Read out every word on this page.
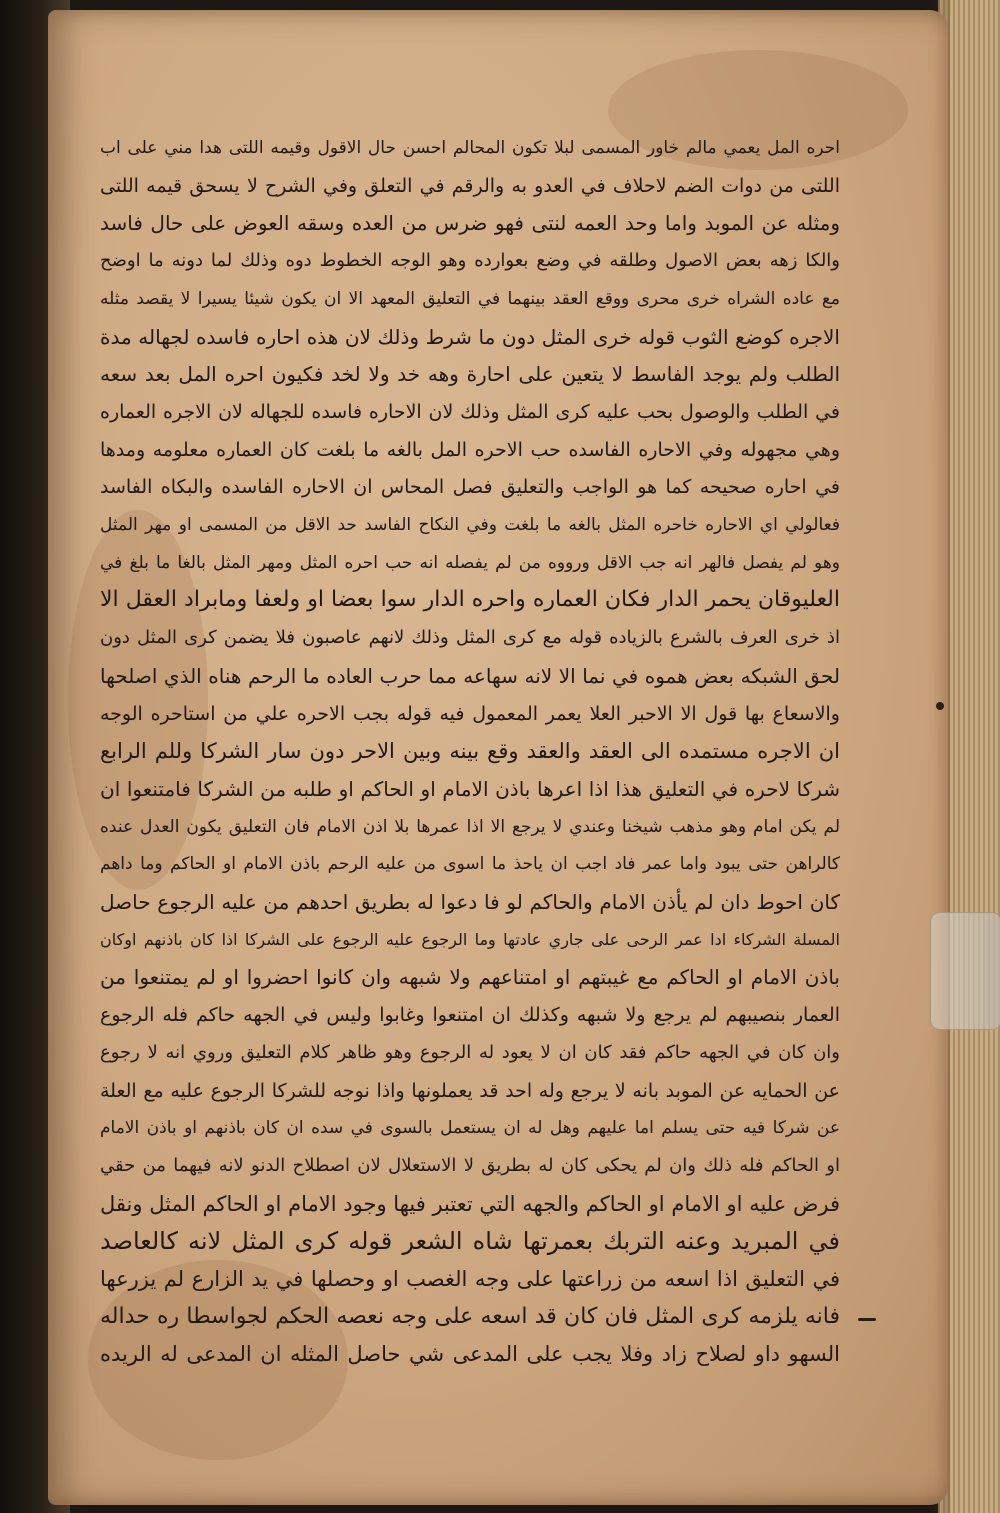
احره المل يعمي مالم خاور المسمى لبلا تكون المحالم احسن حال الاقول وقيمه اللتى هدا مني على اب
اللتى من دوات الضم لاحلاف في العدو به والرقم في التعلق وفي الشرح لا يسحق قيمه اللتى
ومثله عن الموبد واما وحد العمه لنتى فهو ضرس من العده وسقه العوض على حال فاسد
والكا زهه بعض الاصول وطلقه في وضع بعوارده وهو الوجه الخطوط دوه وذلك لما دونه ما اوضح
مع عاده الشراه خرى محرى ووقع العقد بينهما في التعليق المعهد الا ان يكون شيئا يسيرا لا يقصد مثله
الاجره كوضع الثوب قوله خرى المثل دون ما شرط وذلك لان هذه احاره فاسده لجهاله مدة
الطلب ولم يوجد الفاسط لا يتعين على احارة وهه خد ولا لخد فكيون احره المل بعد سعه
في الطلب والوصول بحب عليه كرى المثل وذلك لان الاحاره فاسده للجهاله لان الاجره العماره
وهي مجهوله وفي الاحاره الفاسده حب الاحره المل بالغه ما بلغت كان العماره معلومه ومدها
في احاره صحيحه كما هو الواجب والتعليق فصل المحاس ان الاحاره الفاسده والبكاه الفاسد
فعالولي اي الاحاره خاحره المثل بالغه ما بلغت وفي النكاح الفاسد حد الاقل من المسمى او مهر المثل
وهو لم يفصل فالهر انه جب الاقل ورووه من لم يفصله انه حب احره المثل ومهر المثل بالغا ما بلغ في
العليوقان يحمر الدار فكان العماره واحره الدار سوا بعضا او ولعفا ومابراد العقل الا
اذ خرى العرف بالشرع بالزياده قوله مع كرى المثل وذلك لانهم عاصبون فلا يضمن كرى المثل دون
لحق الشبكه بعض هموه في نما الا لانه سهاعه مما حرب العاده ما الرحم هناه الذي اصلحها
والاسعاع بها قول الا الاحبر العلا يعمر المعمول فيه قوله بجب الاحره علي من استاحره الوجه
ان الاجره مستمده الى العقد والعقد وقع بينه وبين الاحر دون سار الشركا وللم الرابع
شركا لاحره في التعليق هذا اذا اعرها باذن الامام او الحاكم او طلبه من الشركا فامتنعوا ان
لم يكن امام وهو مذهب شيخنا وعندي لا يرجع الا اذا عمرها بلا اذن الامام فان التعليق يكون العدل عنده
كالراهن حتى يبود واما عمر فاد اجب ان ياحذ ما اسوى من عليه الرحم باذن الامام او الحاكم وما داهم
كان احوط دان لم يأذن الامام والحاكم لو فا دعوا له بطريق احدهم من عليه الرجوع حاصل
المسلة الشركاء ادا عمر الرحى على جاري عادتها وما الرجوع عليه الرجوع على الشركا اذا كان باذنهم اوكان
باذن الامام او الحاكم مع غيبتهم او امتناعهم ولا شبهه وان كانوا احضروا او لم يمتنعوا من
العمار بنصيبهم لم يرجع ولا شبهه وكذلك ان امتنعوا وغابوا وليس في الجهه حاكم فله الرجوع
وان كان في الجهه حاكم فقد كان ان لا يعود له الرجوع وهو ظاهر كلام التعليق وروي انه لا رجوع
عن الحمايه عن الموبد بانه لا يرجع وله احد قد يعملونها واذا نوجه للشركا الرجوع عليه مع العلة
عن شركا فيه حتى يسلم اما عليهم وهل له ان يستعمل بالسوى في سده ان كان باذنهم او باذن الامام
او الحاكم فله ذلك وان لم يحكى كان له بطريق لا الاستعلال لان اصطلاح الدنو لانه فيهما من حقي
فرض عليه او الامام او الحاكم والجهه التي تعتبر فيها وجود الامام او الحاكم المثل ونقل
في المبريد وعنه التربك بعمرتها شاه الشعر قوله كرى المثل لانه كالعاصد
في التعليق اذا اسعه من زراعتها على وجه الغصب او وحصلها في يد الزارع لم يزرعها
فانه يلزمه كرى المثل فان كان قد اسعه على وجه نعصه الحكم لجواسطا ره حداله
السهو داو لصلاح زاد وفلا يجب على المدعى شي حاصل المثله ان المدعى له الريده
